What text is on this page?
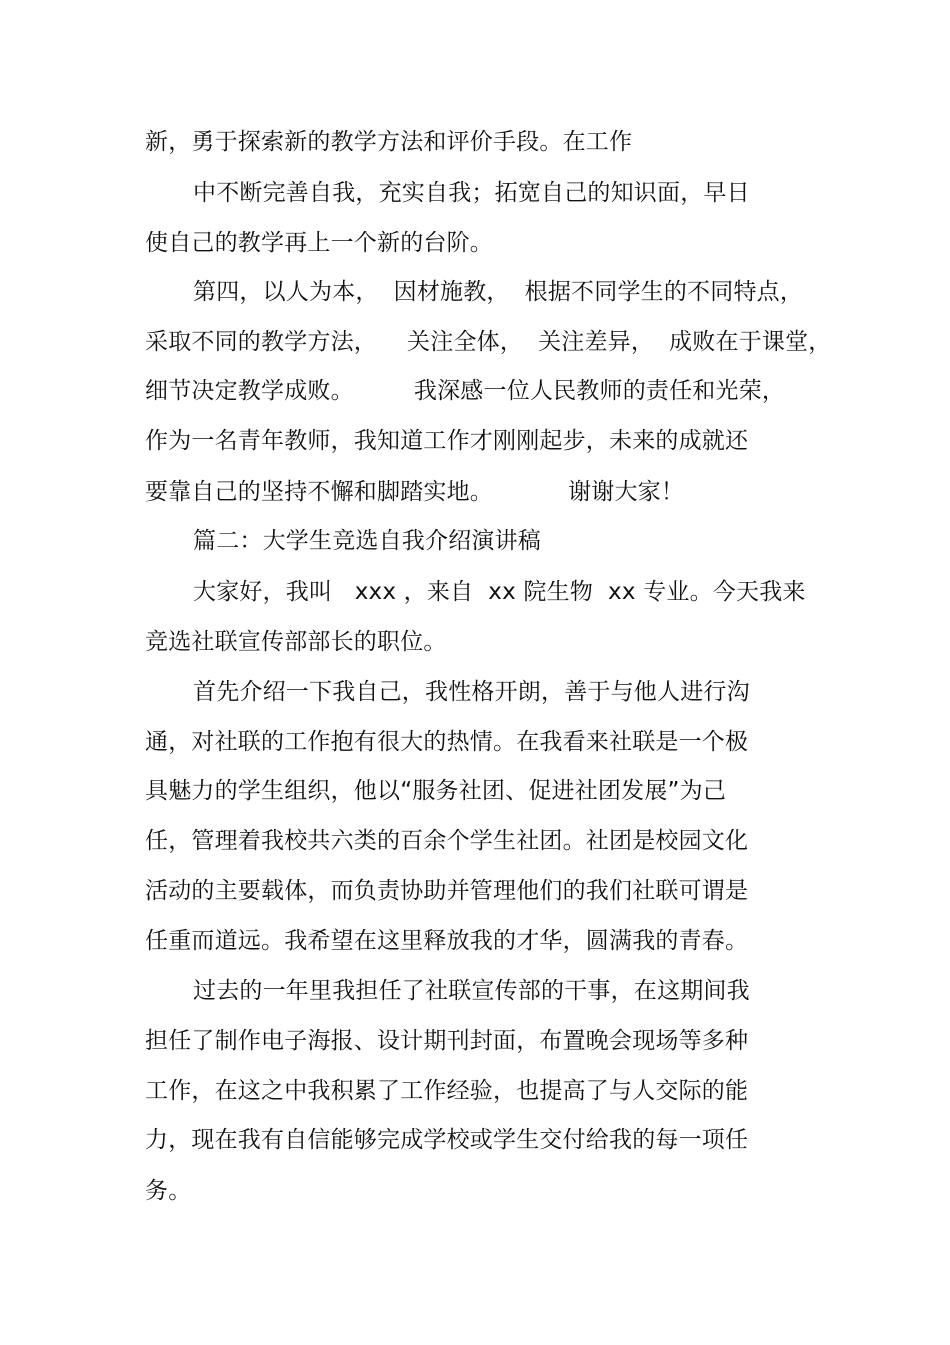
新，勇于探索新的教学方法和评价手段。在工作
中不断完善自我，充实自我；拓宽自己的知识面，早日
使自己的教学再上一个新的台阶。
第四，以人为本，  因材施教，  根据不同学生的不同特点，
采取不同的教学方法，    关注全体，  关注差异，  成败在于课堂，
细节决定教学成败。        我深感一位人民教师的责任和光荣，
作为一名青年教师，我知道工作才刚刚起步，未来的成就还
要靠自己的坚持不懈和脚踏实地。          谢谢大家！
篇二：大学生竞选自我介绍演讲稿
大家好，我叫   xxx ，来自  xx 院生物  xx 专业。今天我来
竞选社联宣传部部长的职位。
首先介绍一下我自己，我性格开朗，善于与他人进行沟
通，对社联的工作抱有很大的热情。在我看来社联是一个极
具魅力的学生组织，他以“服务社团、促进社团发展”为己
任，管理着我校共六类的百余个学生社团。社团是校园文化
活动的主要载体，而负责协助并管理他们的我们社联可谓是
任重而道远。我希望在这里释放我的才华，圆满我的青春。
过去的一年里我担任了社联宣传部的干事，在这期间我
担任了制作电子海报、设计期刊封面，布置晚会现场等多种
工作，在这之中我积累了工作经验，也提高了与人交际的能
力，现在我有自信能够完成学校或学生交付给我的每一项任
务。
